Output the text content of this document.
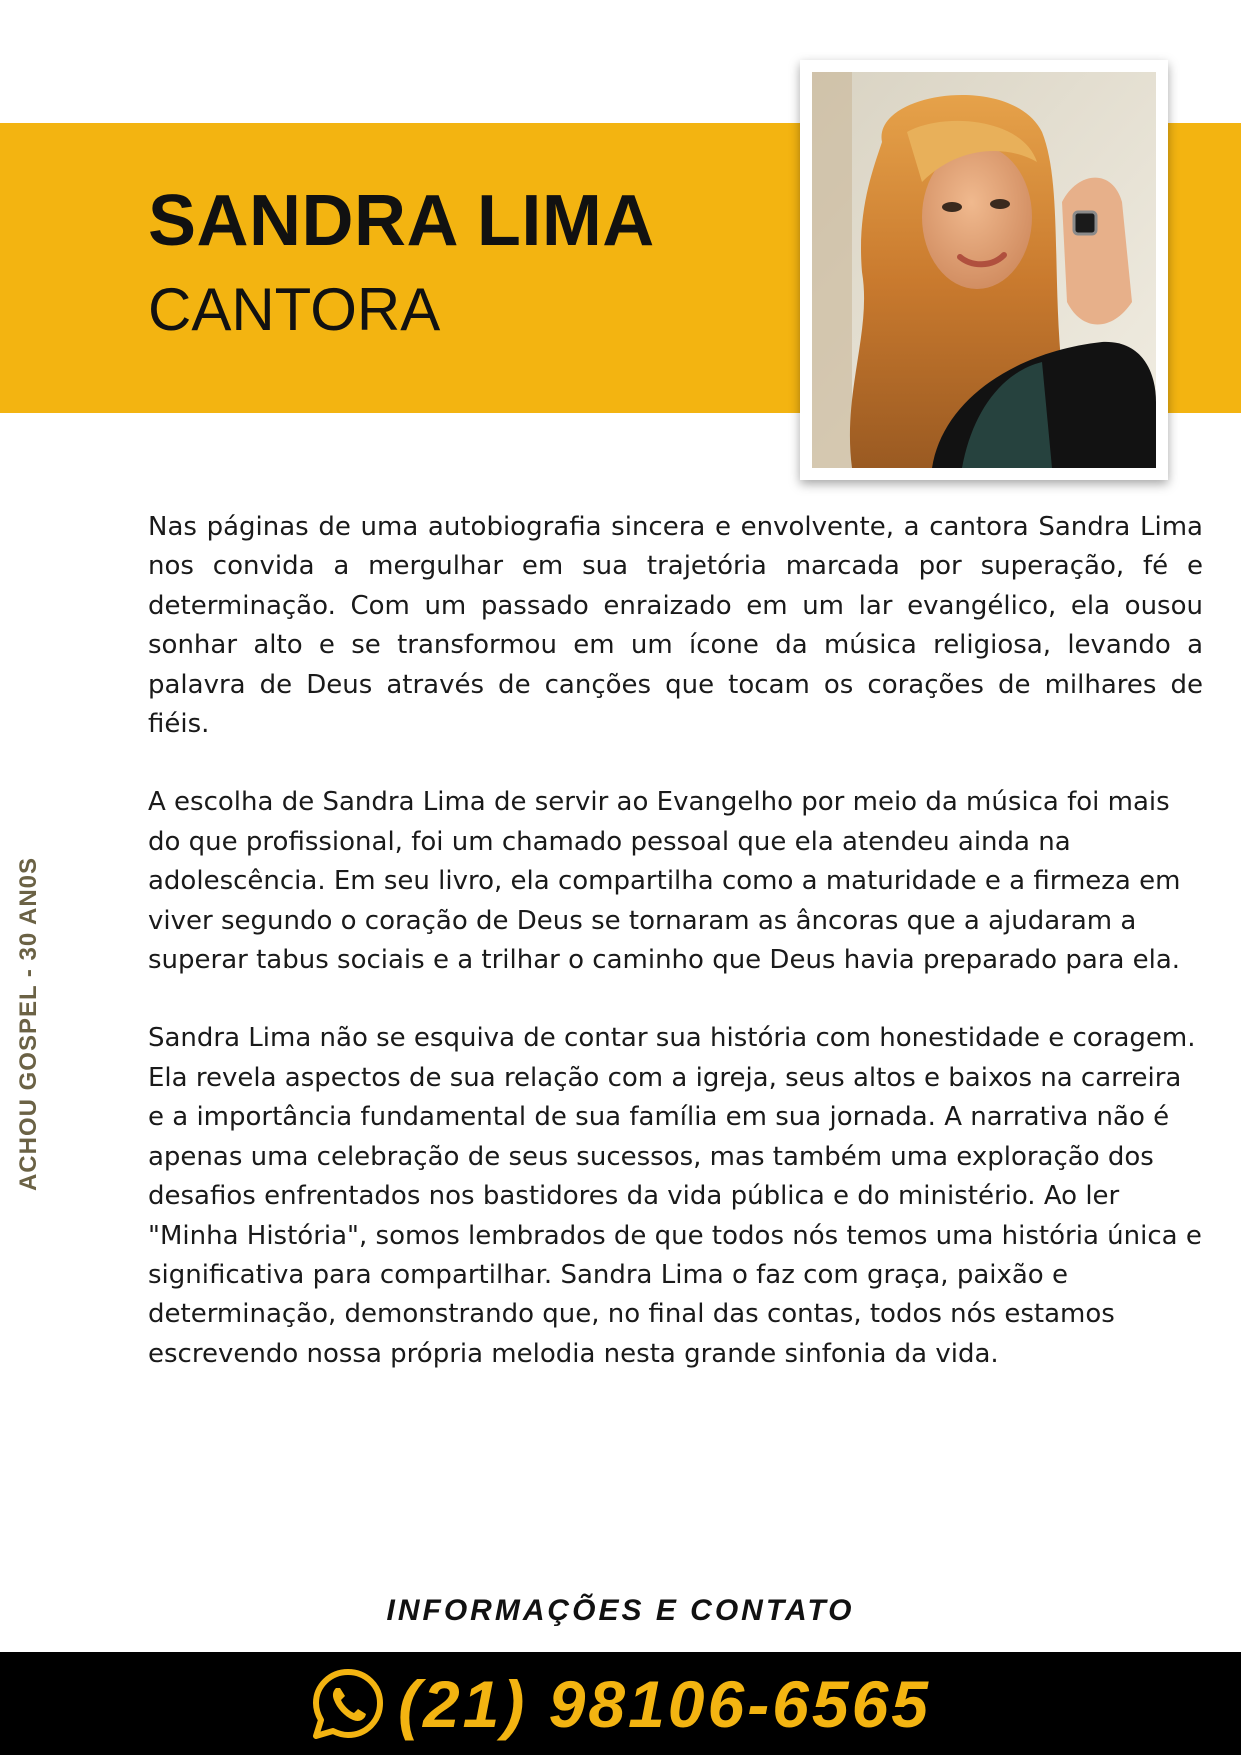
SANDRA LIMA
CANTORA
ACHOU GOSPEL - 30 AN0S

Nas páginas de uma autobiografia sincera e envolvente, a cantora Sandra Lima nos convida a mergulhar em sua trajetória marcada por superação, fé e determinação. Com um passado enraizado em um lar evangélico, ela ousou sonhar alto e se transformou em um ícone da música religiosa, levando a palavra de Deus através de canções que tocam os corações de milhares de fiéis.

A escolha de Sandra Lima de servir ao Evangelho por meio da música foi mais do que profissional, foi um chamado pessoal que ela atendeu ainda na adolescência. Em seu livro, ela compartilha como a maturidade e a firmeza em viver segundo o coração de Deus se tornaram as âncoras que a ajudaram a superar tabus sociais e a trilhar o caminho que Deus havia preparado para ela.

Sandra Lima não se esquiva de contar sua história com honestidade e coragem. Ela revela aspectos de sua relação com a igreja, seus altos e baixos na carreira e a importância fundamental de sua família em sua jornada. A narrativa não é apenas uma celebração de seus sucessos, mas também uma exploração dos desafios enfrentados nos bastidores da vida pública e do ministério. Ao ler "Minha História", somos lembrados de que todos nós temos uma história única e significativa para compartilhar. Sandra Lima o faz com graça, paixão e determinação, demonstrando que, no final das contas, todos nós estamos escrevendo nossa própria melodia nesta grande sinfonia da vida.

INFORMAÇÕES E CONTATO
(21) 98106-6565
